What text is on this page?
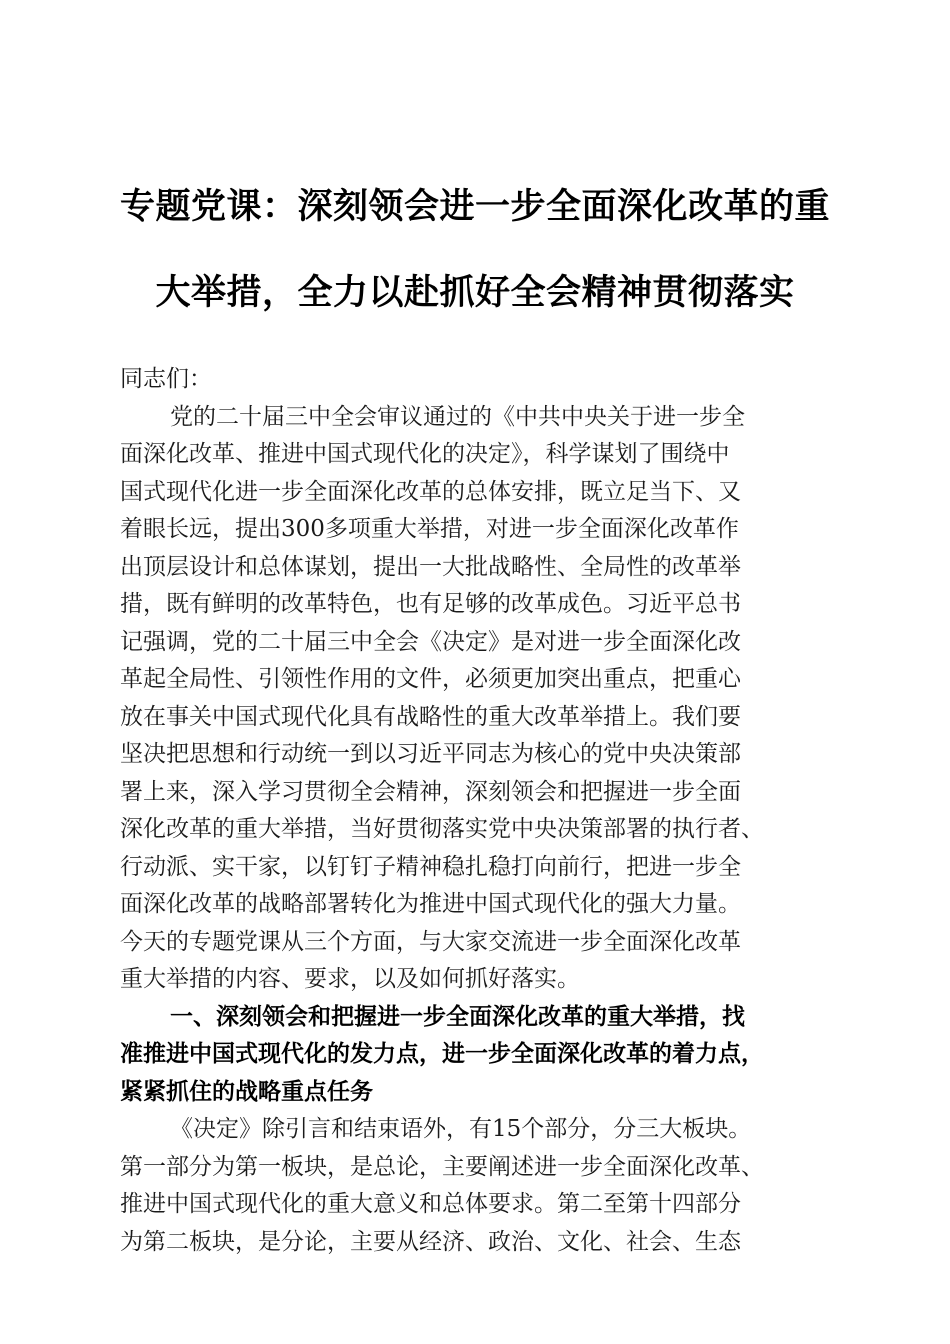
专题党课：深刻领会进一步全面深化改革的重
大举措，全力以赴抓好全会精神贯彻落实
同志们：
党的二十届三中全会审议通过的《中共中央关于进一步全
面深化改革、推进中国式现代化的决定》，科学谋划了围绕中
国式现代化进一步全面深化改革的总体安排，既立足当下、又
着眼长远，提出300多项重大举措，对进一步全面深化改革作
出顶层设计和总体谋划，提出一大批战略性、全局性的改革举
措，既有鲜明的改革特色，也有足够的改革成色。习近平总书
记强调，党的二十届三中全会《决定》是对进一步全面深化改
革起全局性、引领性作用的文件，必须更加突出重点，把重心
放在事关中国式现代化具有战略性的重大改革举措上。我们要
坚决把思想和行动统一到以习近平同志为核心的党中央决策部
署上来，深入学习贯彻全会精神，深刻领会和把握进一步全面
深化改革的重大举措，当好贯彻落实党中央决策部署的执行者、
行动派、实干家，以钉钉子精神稳扎稳打向前行，把进一步全
面深化改革的战略部署转化为推进中国式现代化的强大力量。
今天的专题党课从三个方面，与大家交流进一步全面深化改革
重大举措的内容、要求，以及如何抓好落实。
一、深刻领会和把握进一步全面深化改革的重大举措，找
准推进中国式现代化的发力点，进一步全面深化改革的着力点，
紧紧抓住的战略重点任务
《决定》除引言和结束语外，有15个部分，分三大板块。
第一部分为第一板块，是总论，主要阐述进一步全面深化改革、
推进中国式现代化的重大意义和总体要求。第二至第十四部分
为第二板块，是分论，主要从经济、政治、文化、社会、生态
